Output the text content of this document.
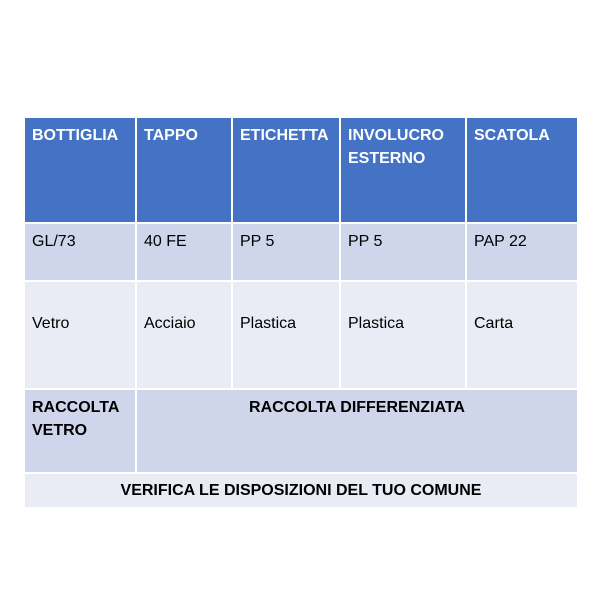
BOTTIGLIA	TAPPO	ETICHETTA	INVOLUCRO ESTERNO	SCATOLA
GL/73	40 FE	PP 5	PP 5	PAP 22
Vetro	Acciaio	Plastica	Plastica	Carta
RACCOLTA VETRO	RACCOLTA DIFFERENZIATA			
VERIFICA LE DISPOSIZIONI DEL TUO COMUNE				
